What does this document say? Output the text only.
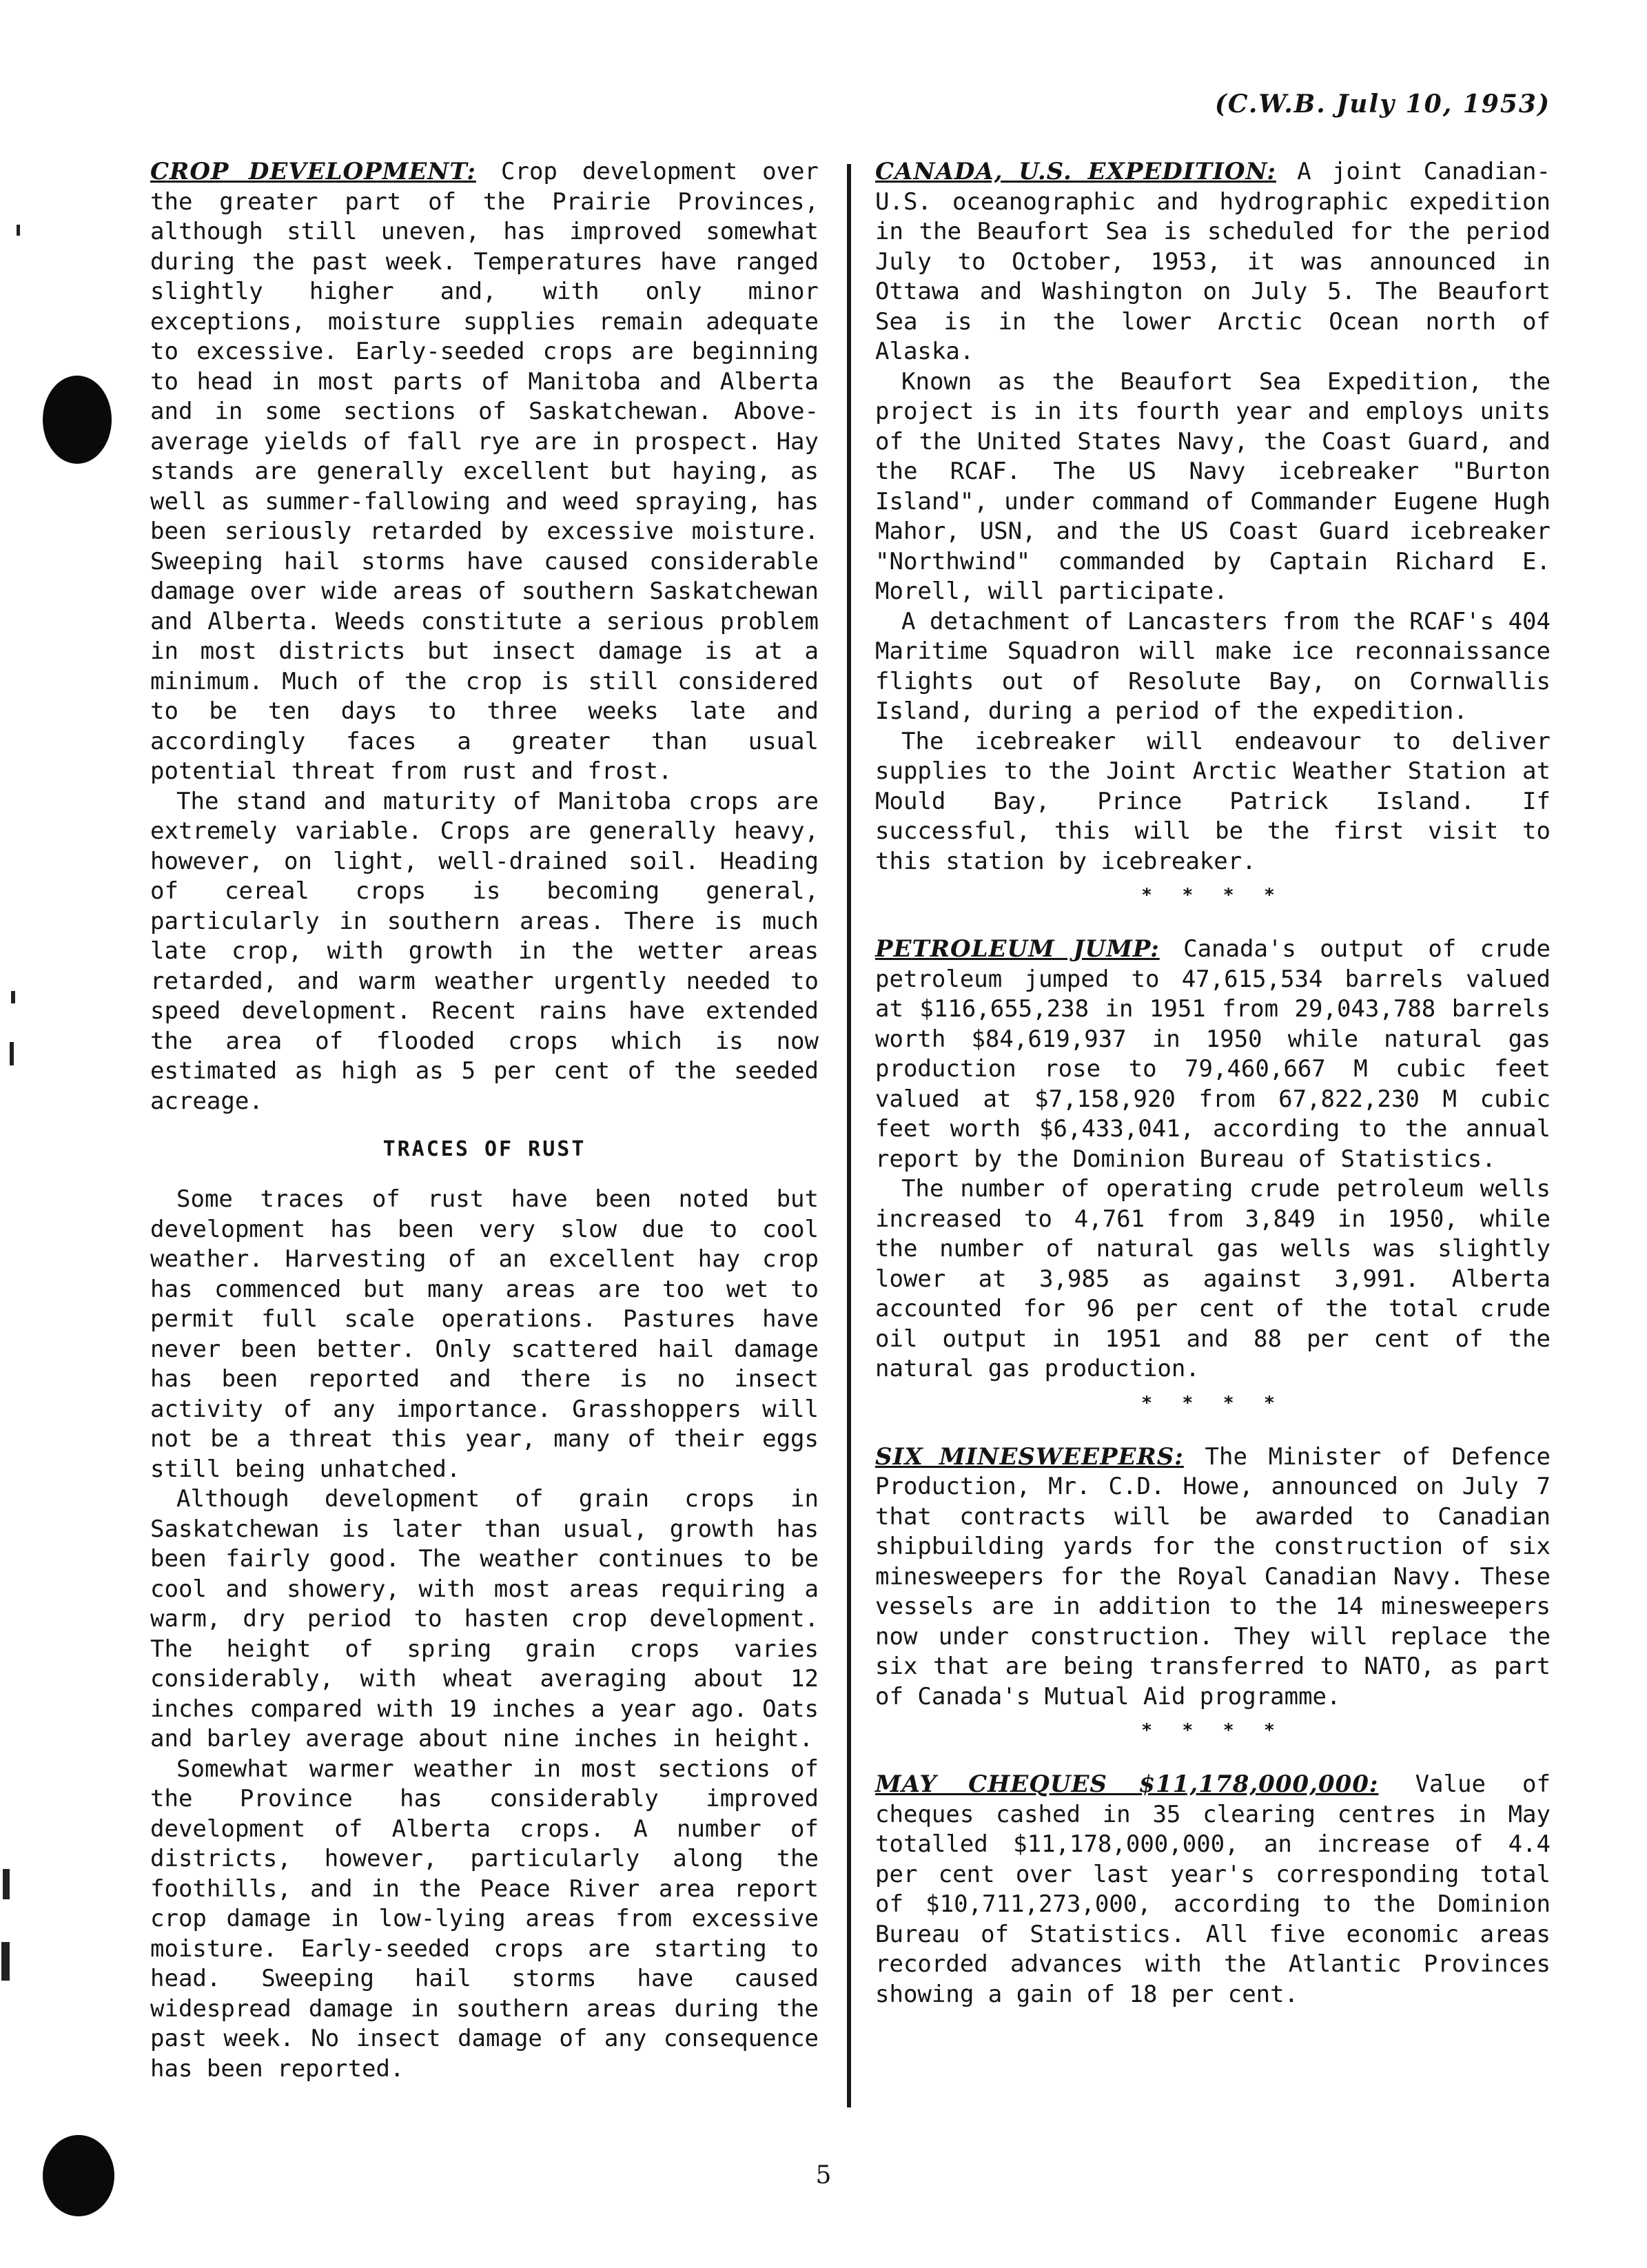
(C.W.B. July 10, 1953)

CROP DEVELOPMENT: Crop development over the greater part of the Prairie Provinces, although still uneven, has improved somewhat during the past week. Temperatures have ranged slightly higher and, with only minor exceptions, moisture supplies remain adequate to excessive. Early-seeded crops are beginning to head in most parts of Manitoba and Alberta and in some sections of Saskatchewan. Above-average yields of fall rye are in prospect. Hay stands are generally excellent but haying, as well as summer-fallowing and weed spraying, has been seriously retarded by excessive moisture. Sweeping hail storms have caused considerable damage over wide areas of southern Saskatchewan and Alberta. Weeds constitute a serious problem in most districts but insect damage is at a minimum. Much of the crop is still considered to be ten days to three weeks late and accordingly faces a greater than usual potential threat from rust and frost.

The stand and maturity of Manitoba crops are extremely variable. Crops are generally heavy, however, on light, well-drained soil. Heading of cereal crops is becoming general, particularly in southern areas. There is much late crop, with growth in the wetter areas retarded, and warm weather urgently needed to speed development. Recent rains have extended the area of flooded crops which is now estimated as high as 5 per cent of the seeded acreage.

TRACES OF RUST

Some traces of rust have been noted but development has been very slow due to cool weather. Harvesting of an excellent hay crop has commenced but many areas are too wet to permit full scale operations. Pastures have never been better. Only scattered hail damage has been reported and there is no insect activity of any importance. Grasshoppers will not be a threat this year, many of their eggs still being unhatched.

Although development of grain crops in Saskatchewan is later than usual, growth has been fairly good. The weather continues to be cool and showery, with most areas requiring a warm, dry period to hasten crop development. The height of spring grain crops varies considerably, with wheat averaging about 12 inches compared with 19 inches a year ago. Oats and barley average about nine inches in height.

Somewhat warmer weather in most sections of the Province has considerably improved development of Alberta crops. A number of districts, however, particularly along the foothills, and in the Peace River area report crop damage in low-lying areas from excessive moisture. Early-seeded crops are starting to head. Sweeping hail storms have caused widespread damage in southern areas during the past week. No insect damage of any consequence has been reported.

CANADA, U.S. EXPEDITION: A joint Canadian-U.S. oceanographic and hydrographic expedition in the Beaufort Sea is scheduled for the period July to October, 1953, it was announced in Ottawa and Washington on July 5. The Beaufort Sea is in the lower Arctic Ocean north of Alaska.

Known as the Beaufort Sea Expedition, the project is in its fourth year and employs units of the United States Navy, the Coast Guard, and the RCAF. The US Navy icebreaker "Burton Island", under command of Commander Eugene Hugh Mahor, USN, and the US Coast Guard icebreaker "Northwind" commanded by Captain Richard E. Morell, will participate.

A detachment of Lancasters from the RCAF's 404 Maritime Squadron will make ice reconnaissance flights out of Resolute Bay, on Cornwallis Island, during a period of the expedition.

The icebreaker will endeavour to deliver supplies to the Joint Arctic Weather Station at Mould Bay, Prince Patrick Island. If successful, this will be the first visit to this station by icebreaker.

* * * *

PETROLEUM JUMP: Canada's output of crude petroleum jumped to 47,615,534 barrels valued at $116,655,238 in 1951 from 29,043,788 barrels worth $84,619,937 in 1950 while natural gas production rose to 79,460,667 M cubic feet valued at $7,158,920 from 67,822,230 M cubic feet worth $6,433,041, according to the annual report by the Dominion Bureau of Statistics.

The number of operating crude petroleum wells increased to 4,761 from 3,849 in 1950, while the number of natural gas wells was slightly lower at 3,985 as against 3,991. Alberta accounted for 96 per cent of the total crude oil output in 1951 and 88 per cent of the natural gas production.

* * * *

SIX MINESWEEPERS: The Minister of Defence Production, Mr. C.D. Howe, announced on July 7 that contracts will be awarded to Canadian shipbuilding yards for the construction of six minesweepers for the Royal Canadian Navy. These vessels are in addition to the 14 minesweepers now under construction. They will replace the six that are being transferred to NATO, as part of Canada's Mutual Aid programme.

* * * *

MAY CHEQUES $11,178,000,000: Value of cheques cashed in 35 clearing centres in May totalled $11,178,000,000, an increase of 4.4 per cent over last year's corresponding total of $10,711,273,000, according to the Dominion Bureau of Statistics. All five economic areas recorded advances with the Atlantic Provinces showing a gain of 18 per cent.

5
